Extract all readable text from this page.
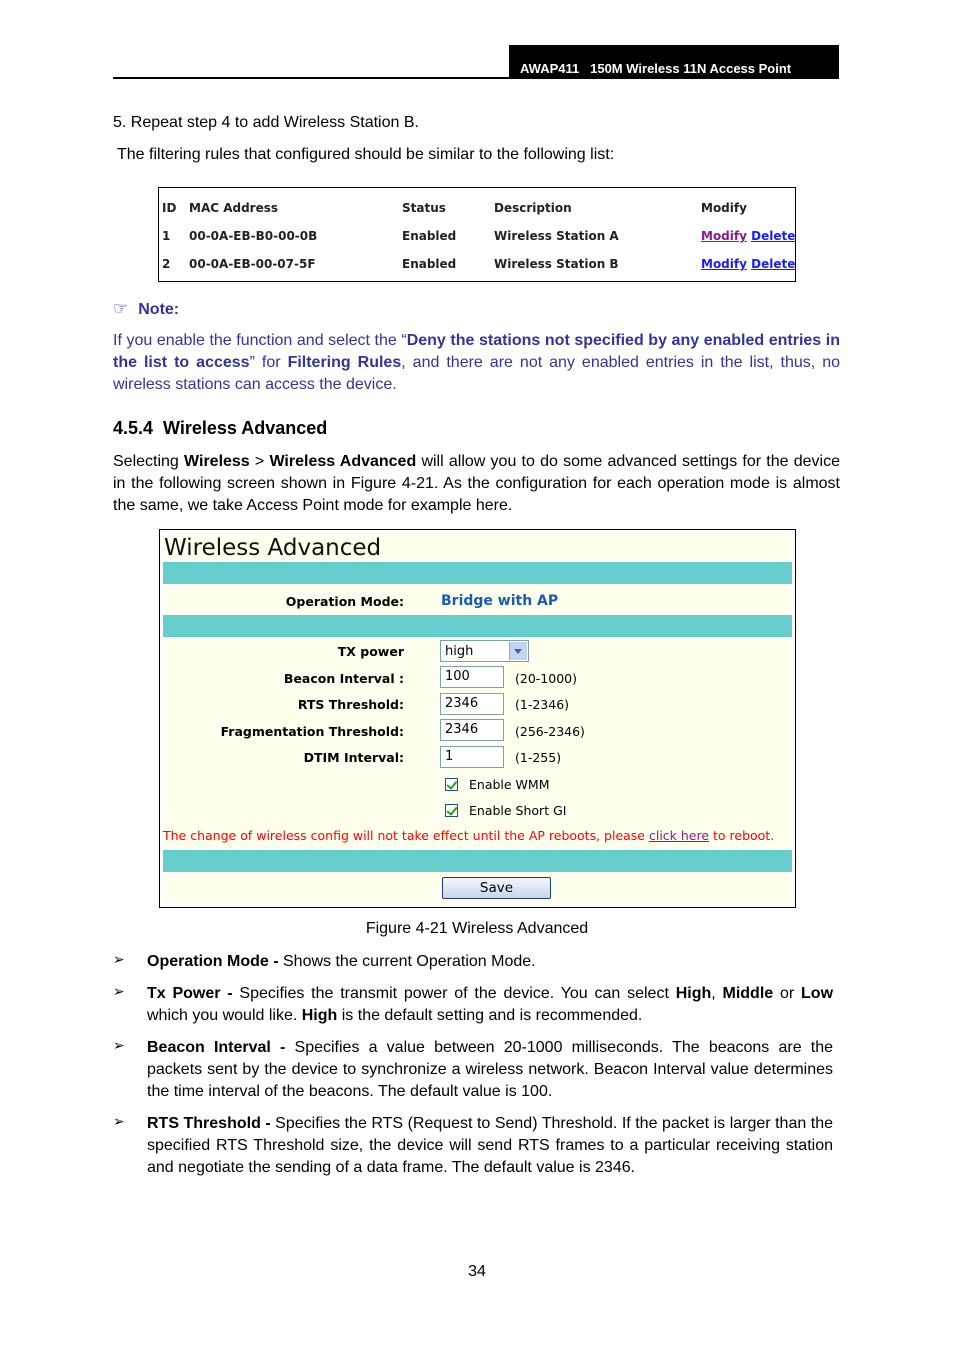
AWAP411 150M Wireless 11N Access Point
5. Repeat step 4 to add Wireless Station B.
The filtering rules that configured should be similar to the following list:
ID MAC Address	Status	Description	Modify
1 00-0A-EB-B0-00-0B	Enabled	Wireless Station A	Modify Delete
2 00-0A-EB-00-07-5F	Enabled	Wireless Station B	Modify Delete
☞ Note:
If you enable the function and select the “Deny the stations not specified by any enabled entries in the list to access” for Filtering Rules, and there are not any enabled entries in the list, thus, no wireless stations can access the device.
4.5.4  Wireless Advanced
Selecting Wireless > Wireless Advanced will allow you to do some advanced settings for the device in the following screen shown in Figure 4-21. As the configuration for each operation mode is almost the same, we take Access Point mode for example here.
Wireless Advanced
Operation Mode:	Bridge with AP
TX power	high
Beacon Interval :	100	(20-1000)
RTS Threshold:	2346	(1-2346)
Fragmentation Threshold:	2346	(256-2346)
DTIM Interval:	1	(1-255)
Enable WMM
Enable Short GI
The change of wireless config will not take effect until the AP reboots, please click here to reboot.
Save
Figure 4-21 Wireless Advanced
➢ Operation Mode - Shows the current Operation Mode.
➢ Tx Power - Specifies the transmit power of the device. You can select High, Middle or Low which you would like. High is the default setting and is recommended.
➢ Beacon Interval - Specifies a value between 20-1000 milliseconds. The beacons are the packets sent by the device to synchronize a wireless network. Beacon Interval value determines the time interval of the beacons. The default value is 100.
➢ RTS Threshold - Specifies the RTS (Request to Send) Threshold. If the packet is larger than the specified RTS Threshold size, the device will send RTS frames to a particular receiving station and negotiate the sending of a data frame. The default value is 2346.
34
